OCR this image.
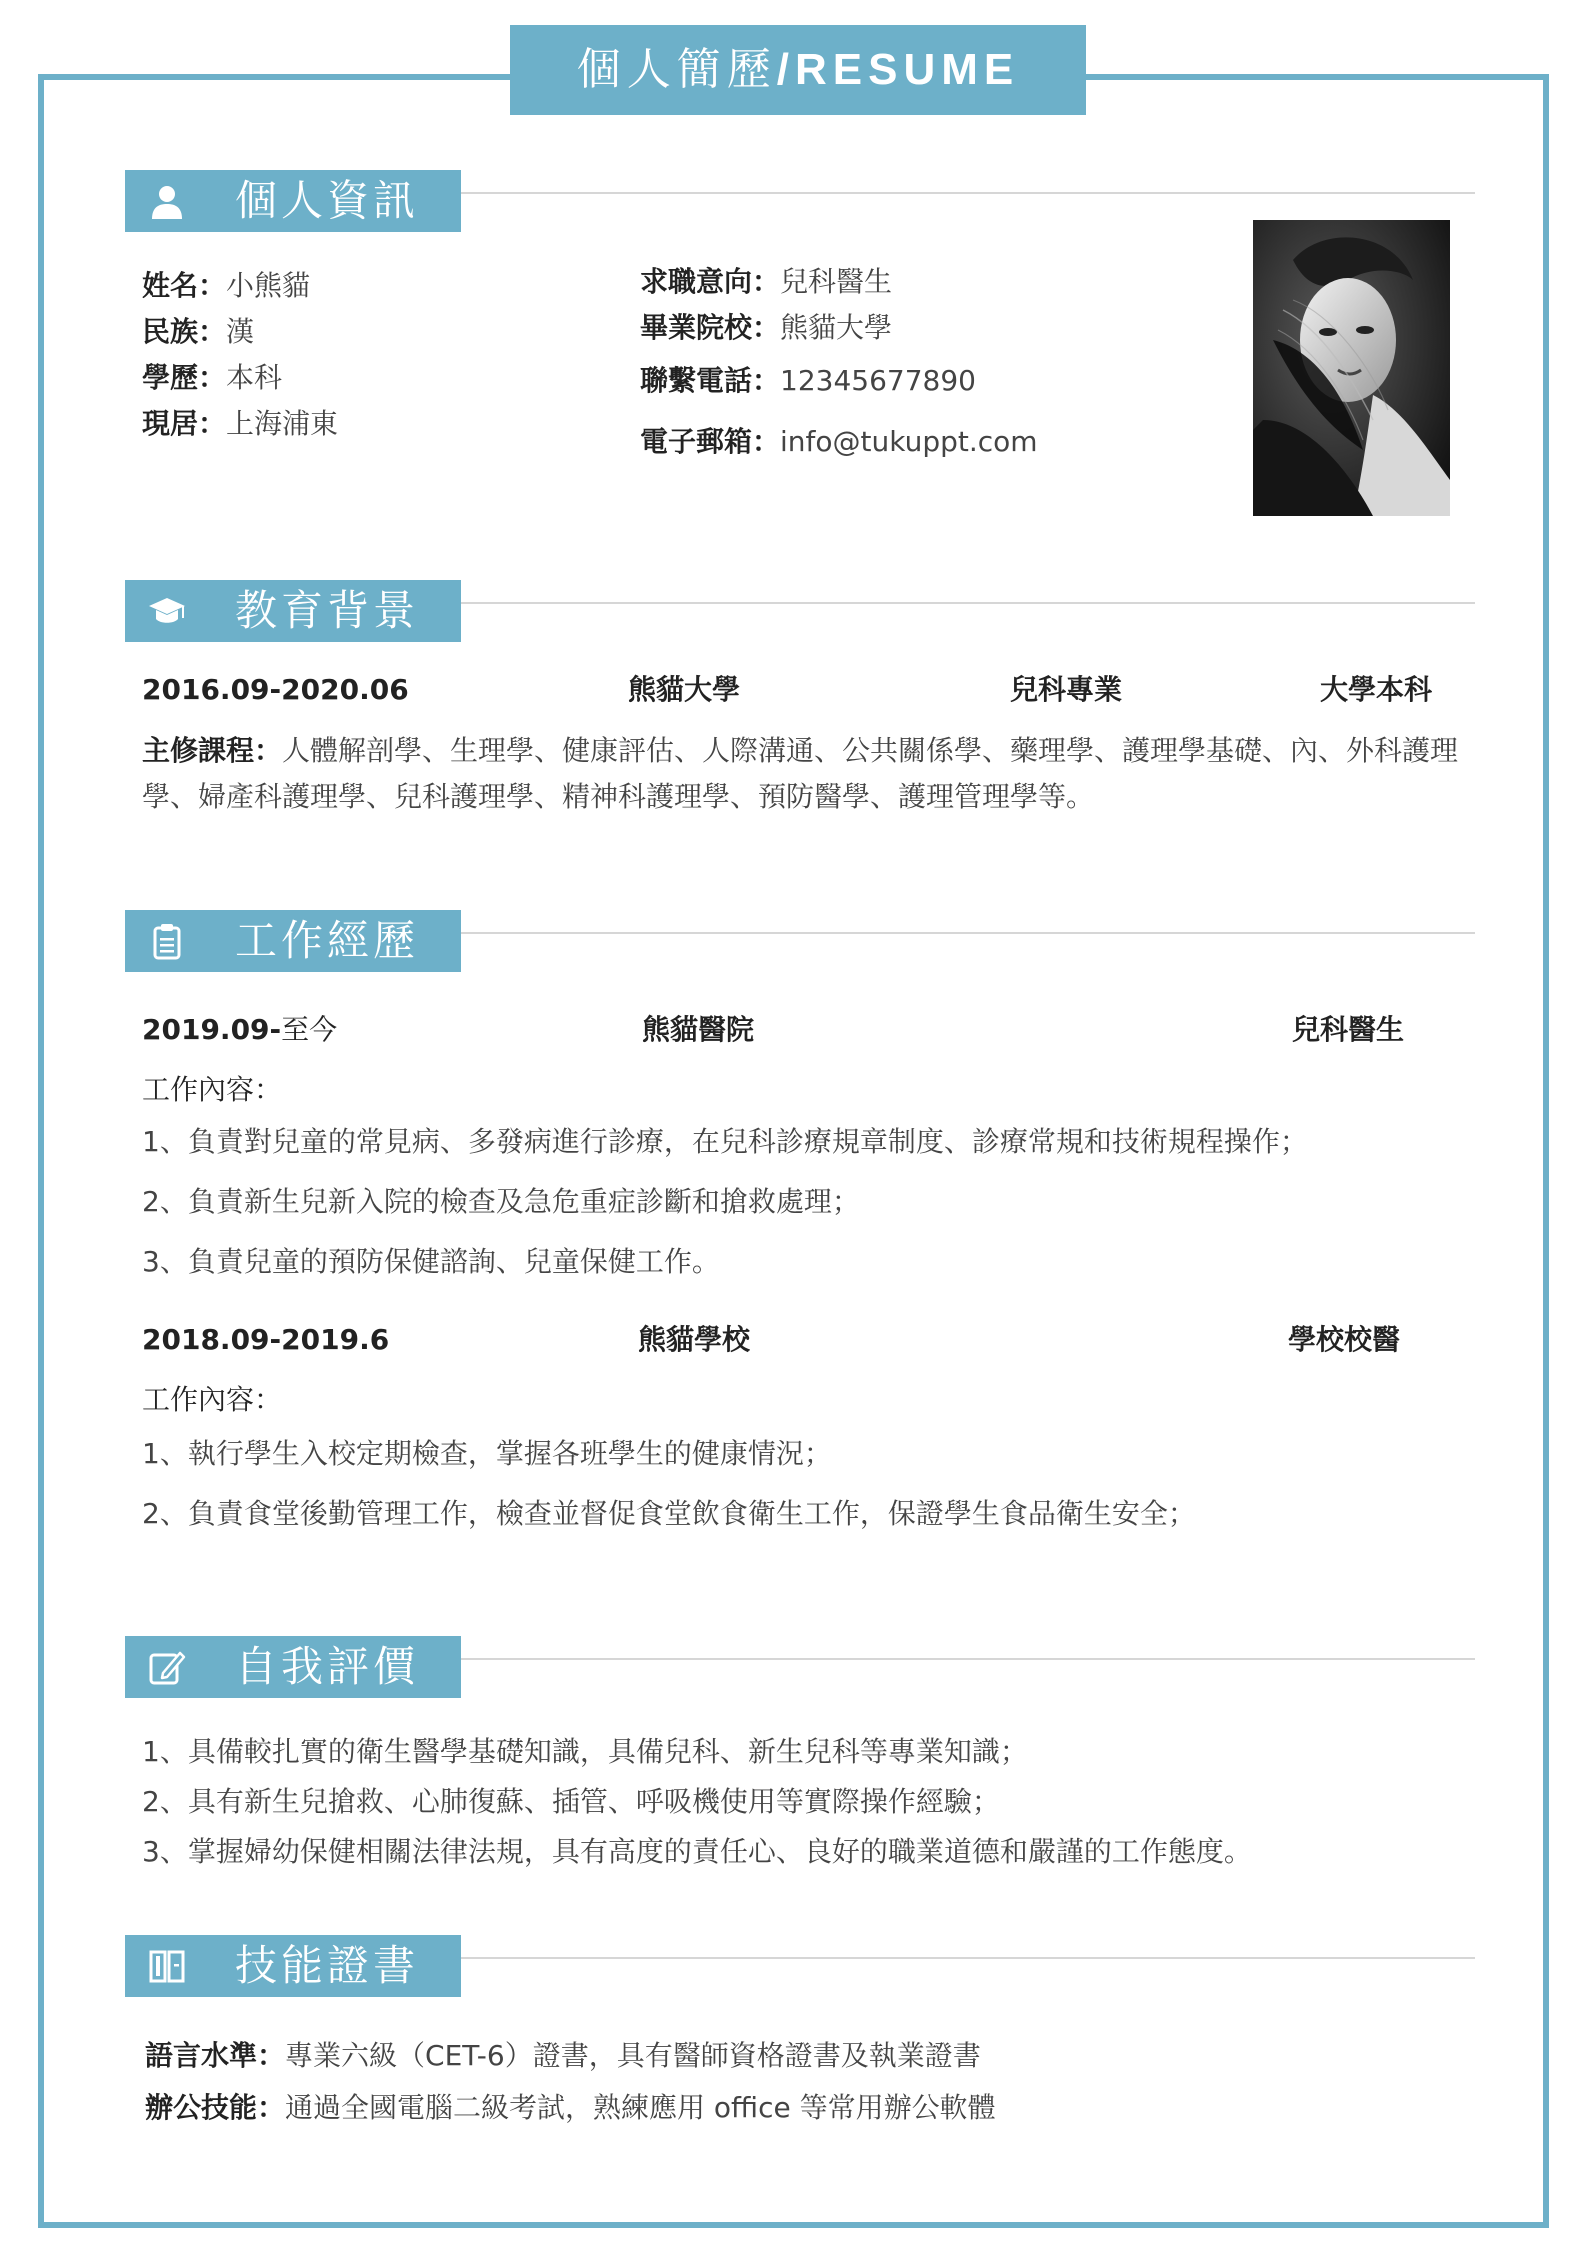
個人簡歷/RESUME
個人資訊
姓名：小熊貓
民族：漢
學歷：本科
現居：上海浦東
求職意向：兒科醫生
畢業院校：熊貓大學
聯繫電話：12345677890
電子郵箱：info@tukuppt.com
教育背景
2016.09-2020.06	熊貓大學	兒科專業	大學本科
主修課程：人體解剖學、生理學、健康評估、人際溝通、公共關係學、藥理學、護理學基礎、內、外科護理學、婦產科護理學、兒科護理學、精神科護理學、預防醫學、護理管理學等。
工作經歷
2019.09-至今	熊貓醫院	兒科醫生
工作內容：
1、負責對兒童的常見病、多發病進行診療，在兒科診療規章制度、診療常規和技術規程操作；
2、負責新生兒新入院的檢查及急危重症診斷和搶救處理；
3、負責兒童的預防保健諮詢、兒童保健工作。
2018.09-2019.6	熊貓學校	學校校醫
工作內容：
1、執行學生入校定期檢查，掌握各班學生的健康情況；
2、負責食堂後勤管理工作，檢查並督促食堂飲食衛生工作，保證學生食品衛生安全；
自我評價
1、具備較扎實的衛生醫學基礎知識，具備兒科、新生兒科等專業知識；
2、具有新生兒搶救、心肺復蘇、插管、呼吸機使用等實際操作經驗；
3、掌握婦幼保健相關法律法規，具有高度的責任心、良好的職業道德和嚴謹的工作態度。
技能證書
語言水準：專業六級（CET-6）證書，具有醫師資格證書及執業證書
辦公技能：通過全國電腦二級考試，熟練應用 office 等常用辦公軟體
